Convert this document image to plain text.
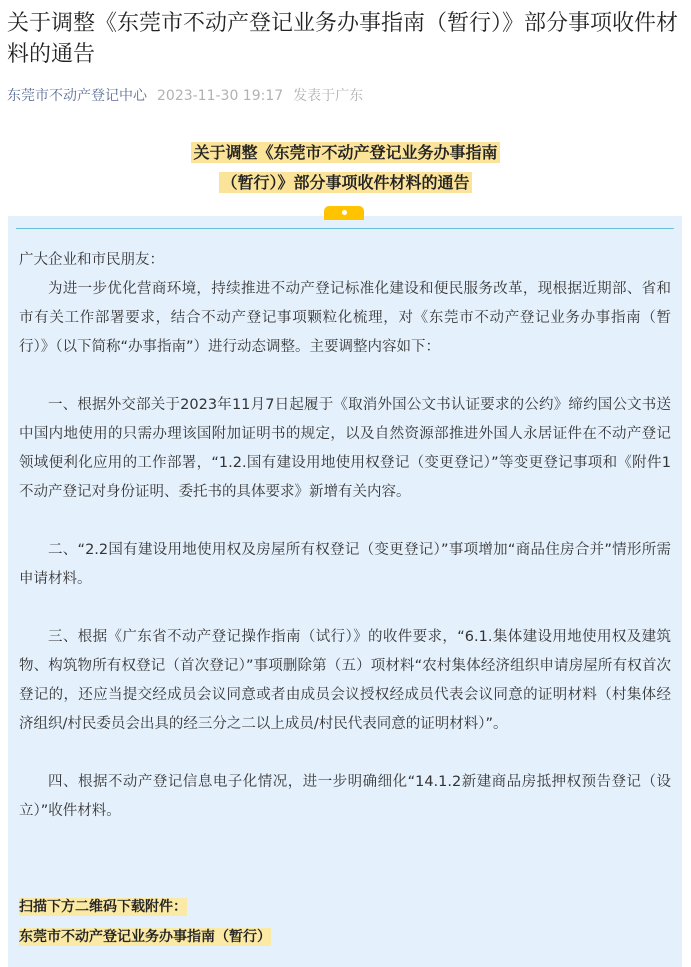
关于调整《东莞市不动产登记业务办事指南（暂行）》部分事项收件材料的通告
东莞市不动产登记中心 2023-11-30 19:17 发表于广东
关于调整《东莞市不动产登记业务办事指南
（暂行）》部分事项收件材料的通告

广大企业和市民朋友：

为进一步优化营商环境，持续推进不动产登记标准化建设和便民服务改革，现根据近期部、省和市有关工作部署要求，结合不动产登记事项颗粒化梳理，对《东莞市不动产登记业务办事指南（暂行）》（以下简称“办事指南”）进行动态调整。主要调整内容如下：

一、根据外交部关于2023年11月7日起履于《取消外国公文书认证要求的公约》缔约国公文书送中国内地使用的只需办理该国附加证明书的规定，以及自然资源部推进外国人永居证件在不动产登记领域便利化应用的工作部署，“1.2.国有建设用地使用权登记（变更登记）”等变更登记事项和《附件1不动产登记对身份证明、委托书的具体要求》新增有关内容。

二、“2.2国有建设用地使用权及房屋所有权登记（变更登记）”事项增加“商品住房合并”情形所需申请材料。

三、根据《广东省不动产登记操作指南（试行）》的收件要求，“6.1.集体建设用地使用权及建筑物、构筑物所有权登记（首次登记）”事项删除第（五）项材料“农村集体经济组织申请房屋所有权首次登记的，还应当提交经成员会议同意或者由成员会议授权经成员代表会议同意的证明材料（村集体经济组织/村民委员会出具的经三分之二以上成员/村民代表同意的证明材料）”。

四、根据不动产登记信息电子化情况，进一步明确细化“14.1.2新建商品房抵押权预告登记（设立）”收件材料。

扫描下方二维码下载附件：
东莞市不动产登记业务办事指南（暂行）
